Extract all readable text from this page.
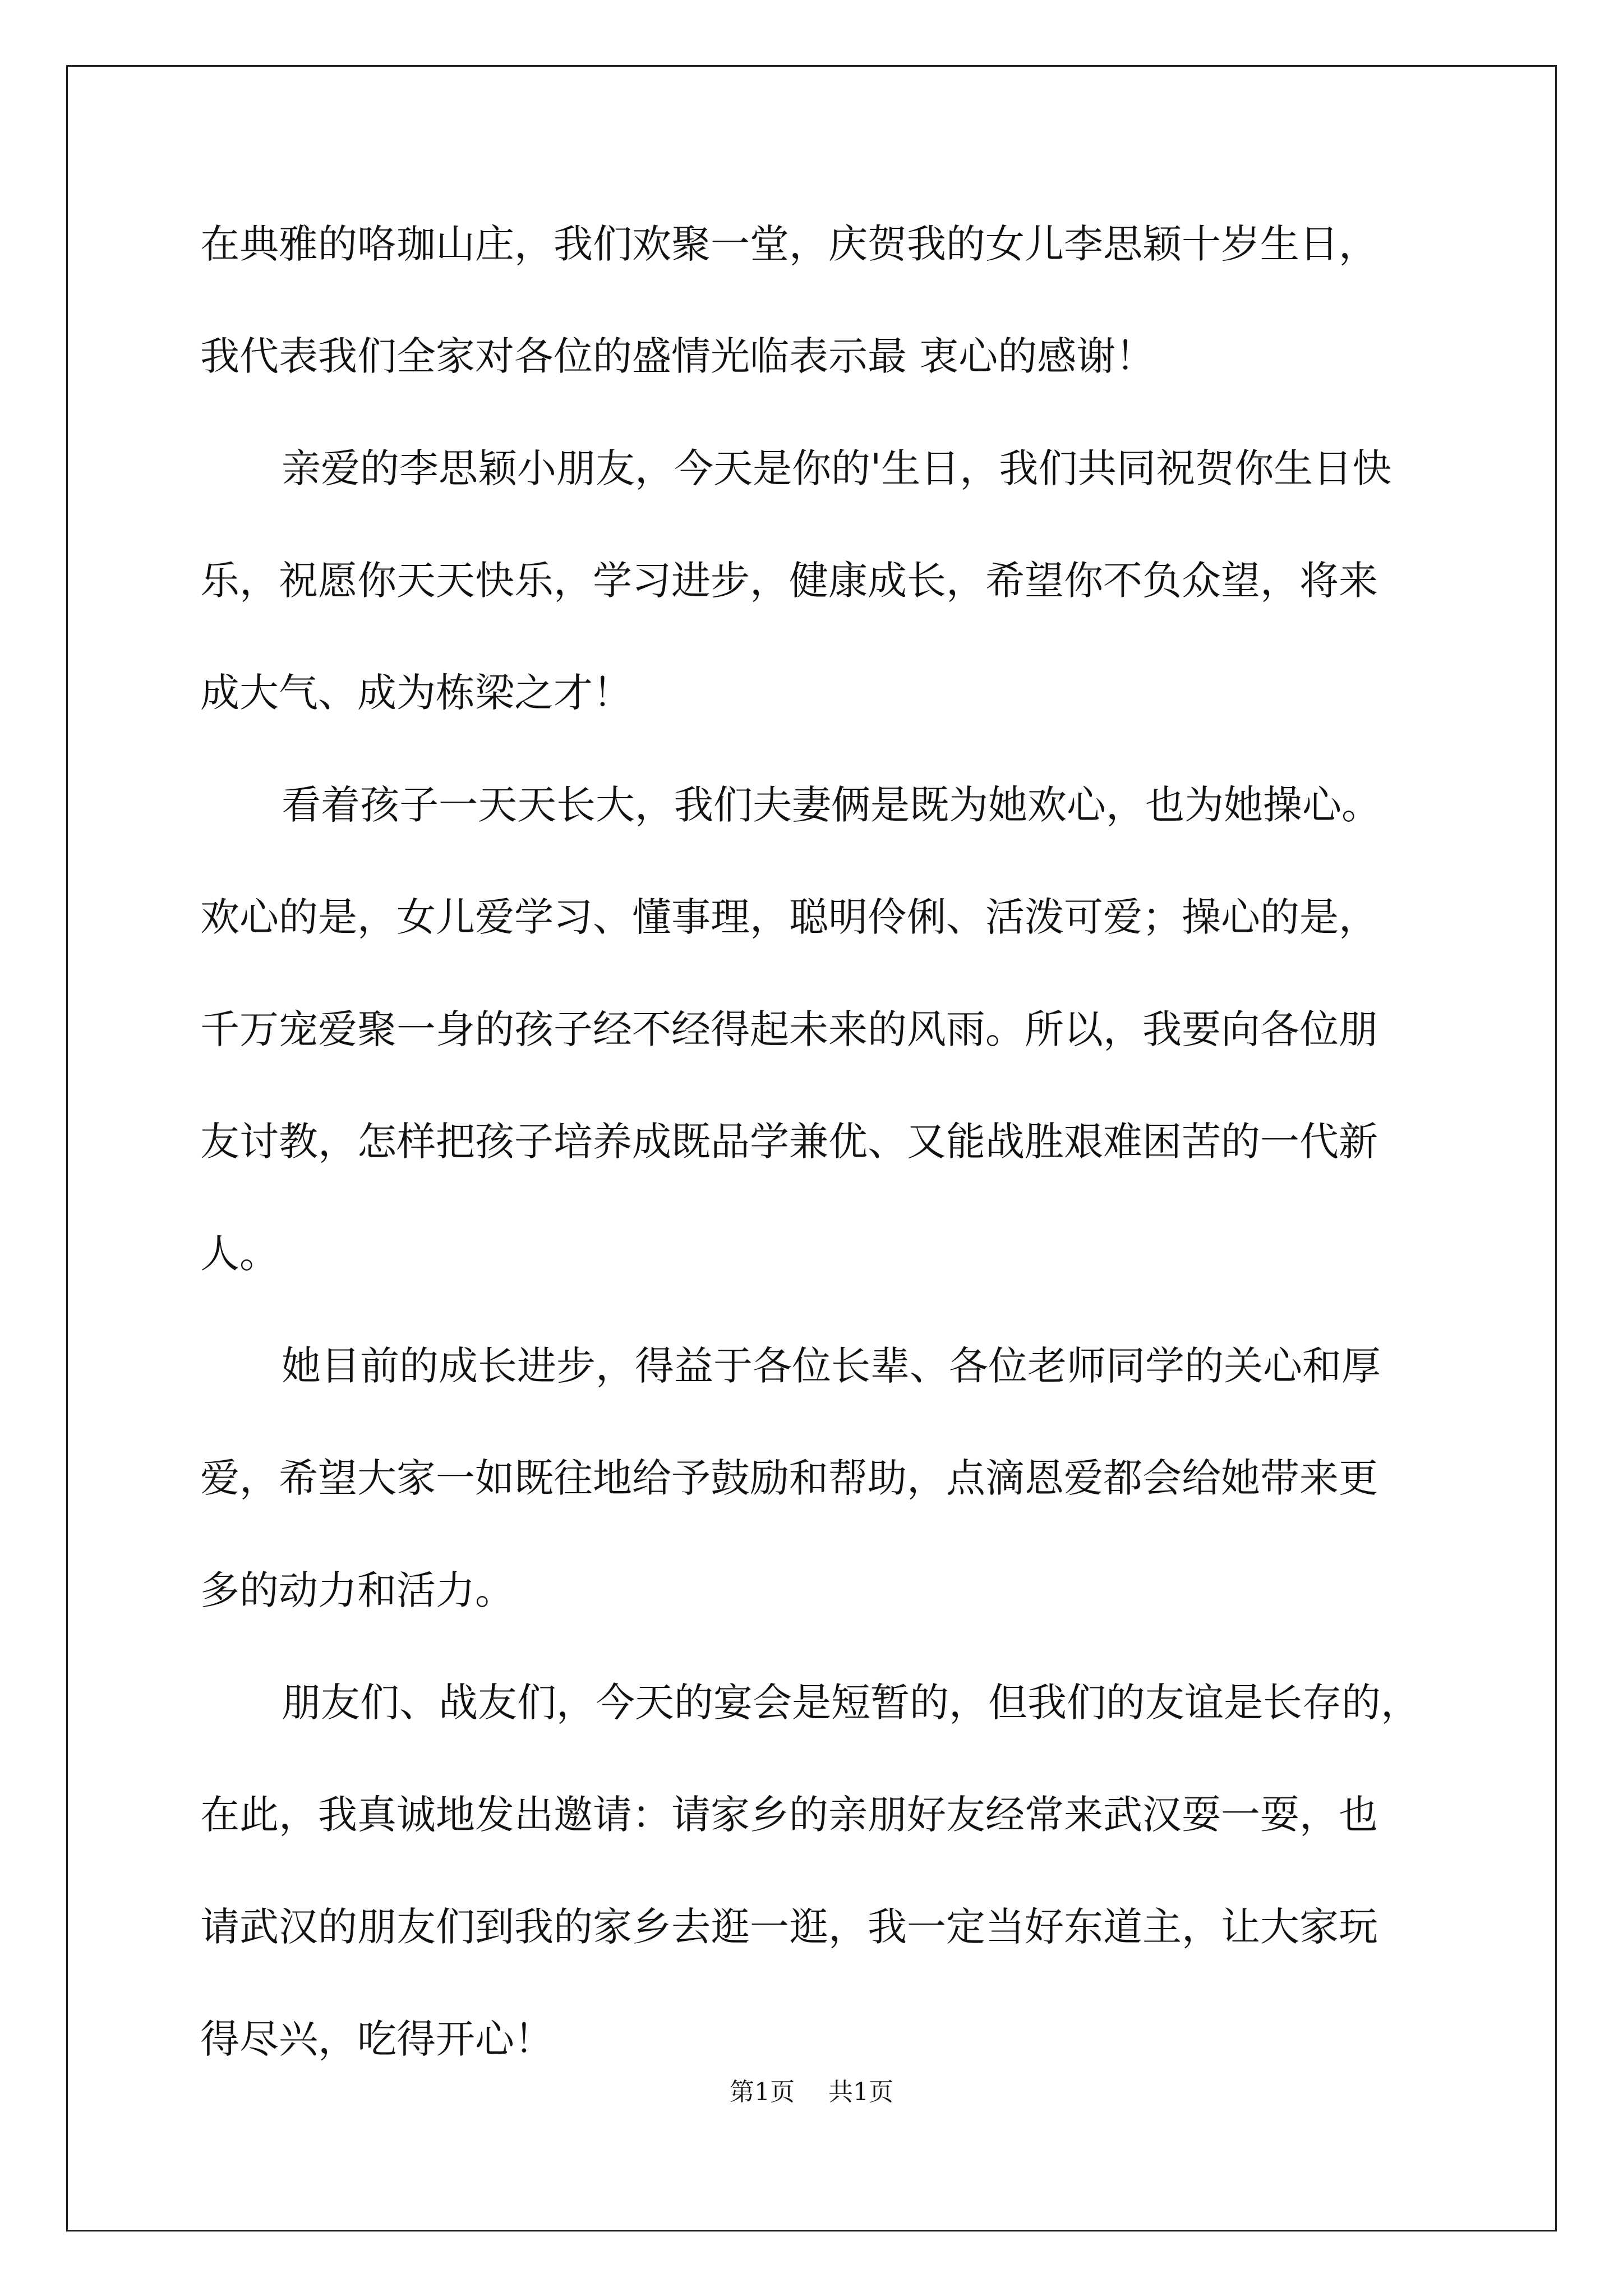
在典雅的咯珈山庄，我们欢聚一堂，庆贺我的女儿李思颖十岁生日，
我代表我们全家对各位的盛情光临表示最 衷心的感谢！
亲爱的李思颖小朋友，今天是你的'生日，我们共同祝贺你生日快
乐，祝愿你天天快乐，学习进步，健康成长，希望你不负众望，将来
成大气、成为栋梁之才！
看着孩子一天天长大，我们夫妻俩是既为她欢心，也为她操心。
欢心的是，女儿爱学习、懂事理，聪明伶俐、活泼可爱；操心的是，
千万宠爱聚一身的孩子经不经得起未来的风雨。所以，我要向各位朋
友讨教，怎样把孩子培养成既品学兼优、又能战胜艰难困苦的一代新
人。
她目前的成长进步，得益于各位长辈、各位老师同学的关心和厚
爱，希望大家一如既往地给予鼓励和帮助，点滴恩爱都会给她带来更
多的动力和活力。
朋友们、战友们，今天的宴会是短暂的，但我们的友谊是长存的，
在此，我真诚地发出邀请：请家乡的亲朋好友经常来武汉耍一耍，也
请武汉的朋友们到我的家乡去逛一逛，我一定当好东道主，让大家玩
得尽兴，吃得开心！
第1页 共1页
